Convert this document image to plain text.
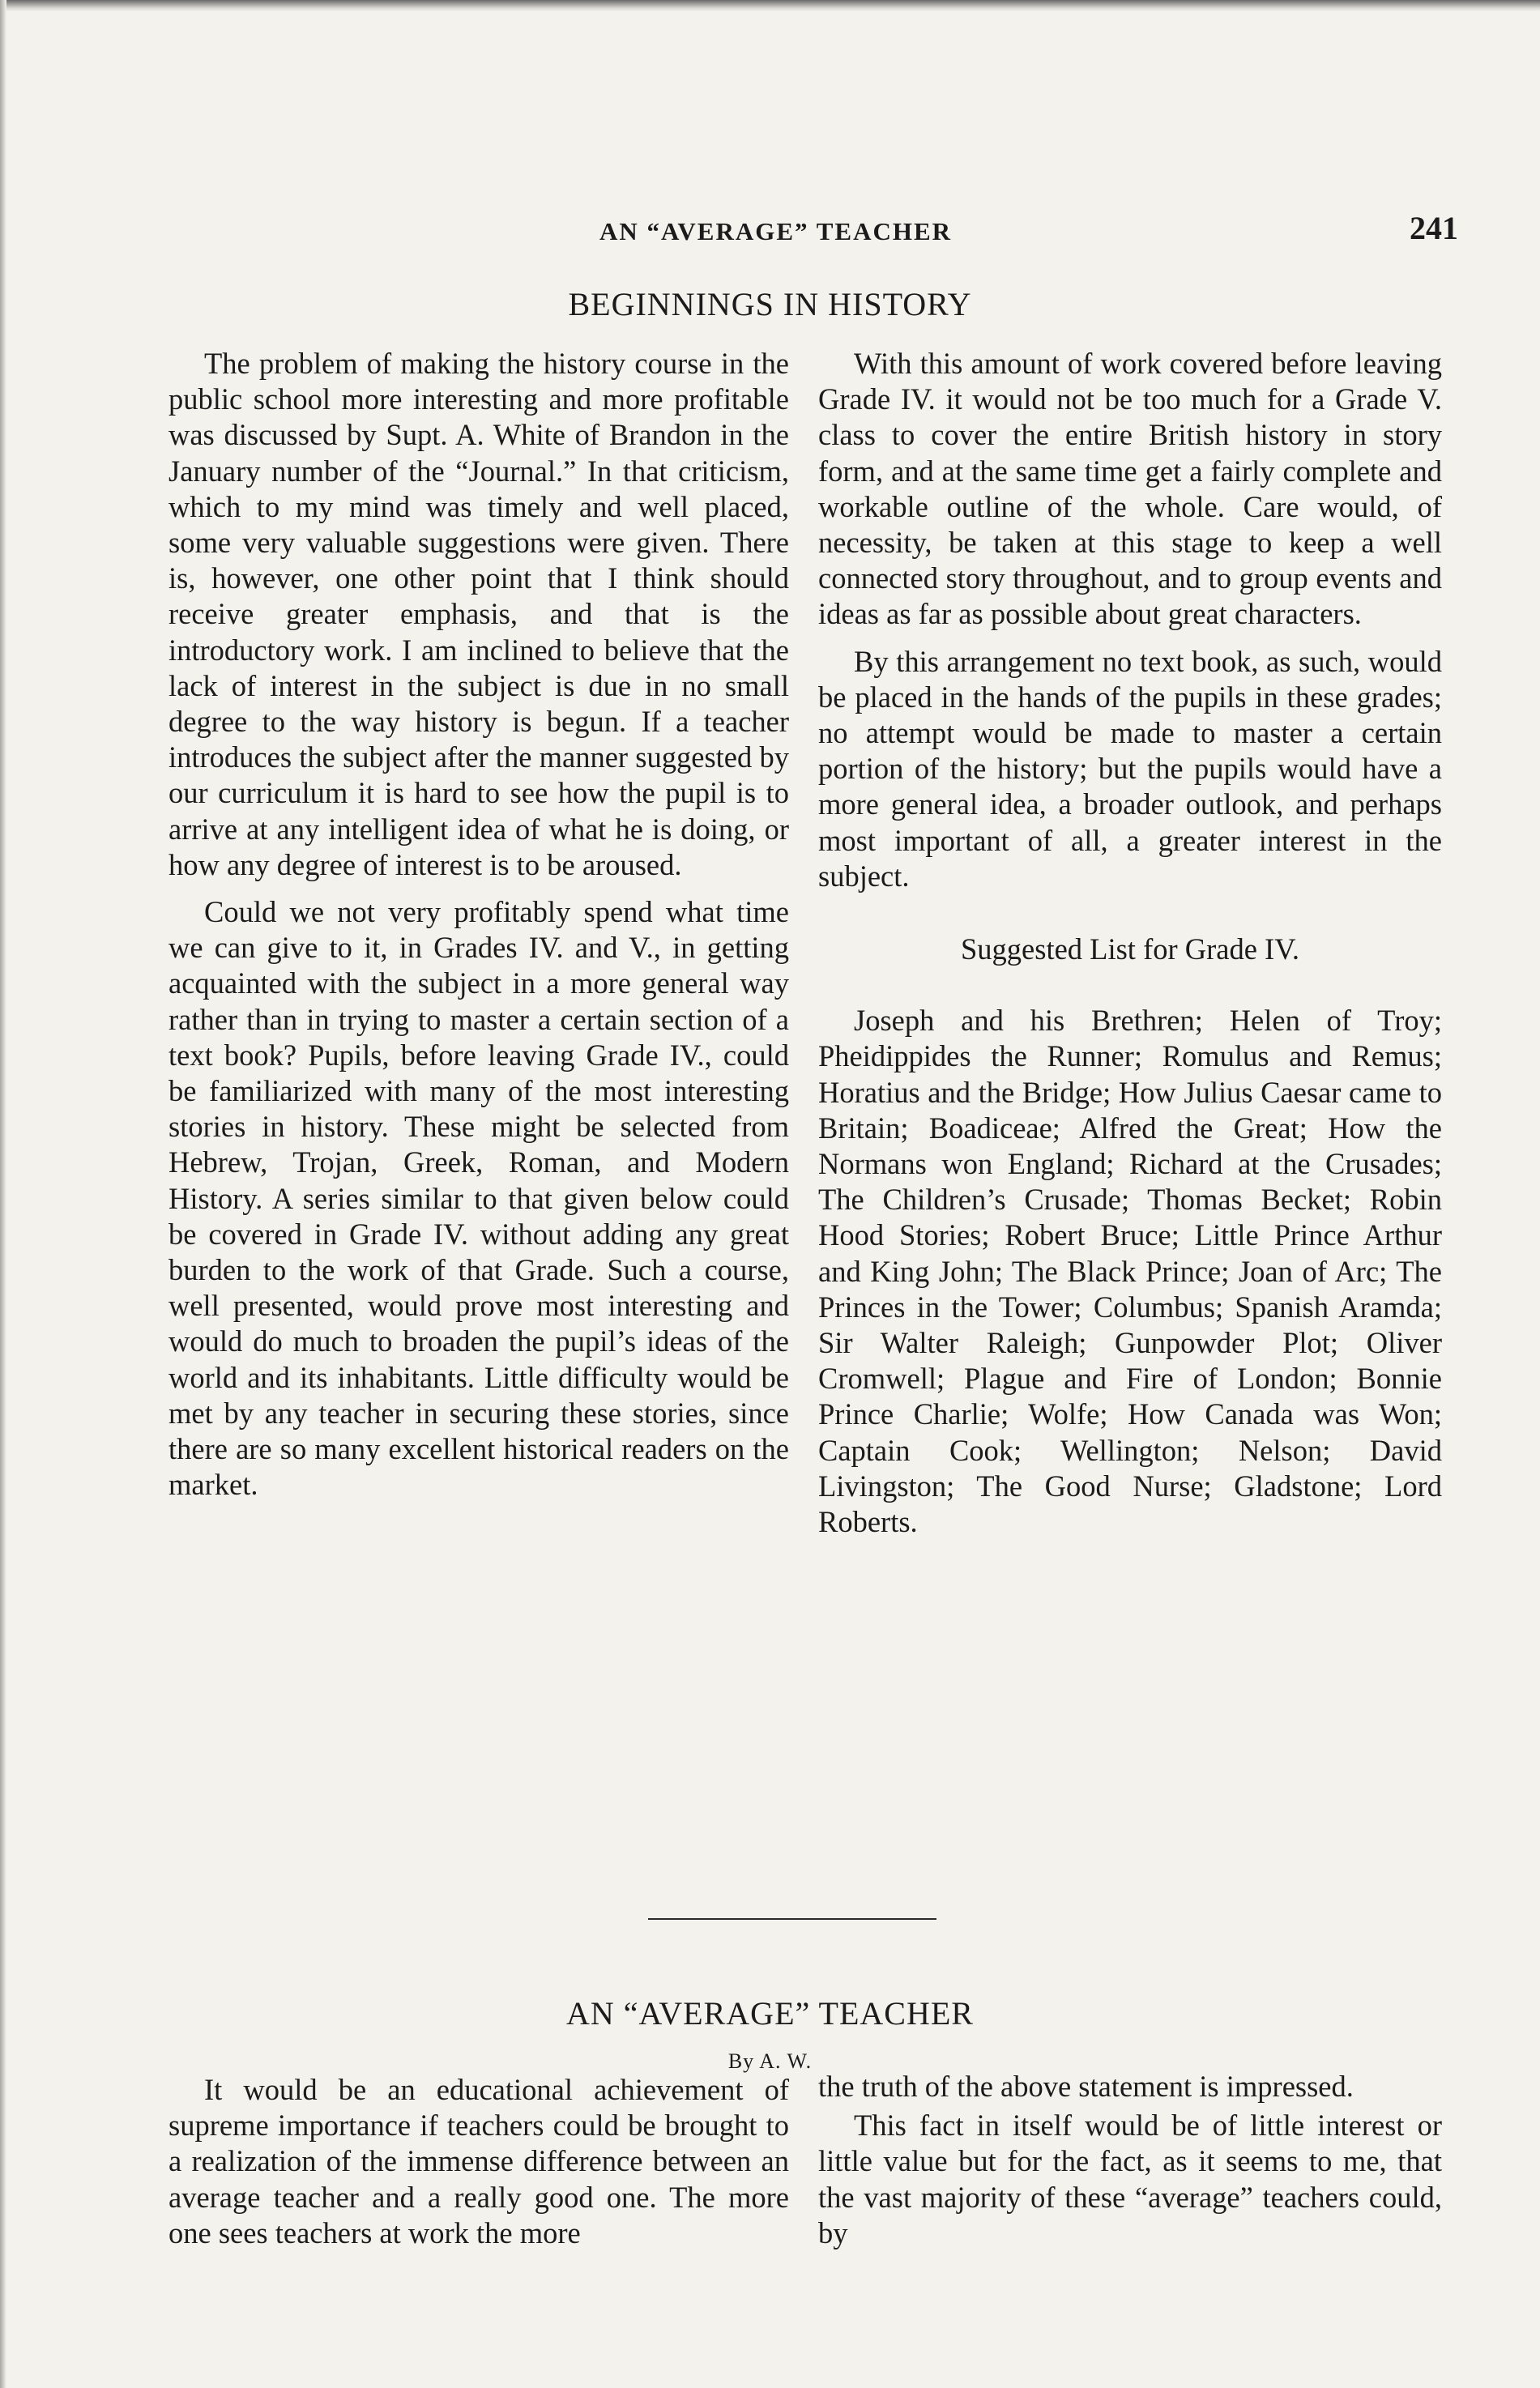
AN “AVERAGE” TEACHER	241
BEGINNINGS IN HISTORY

The problem of making the history course in the public school more interesting and more profitable was discussed by Supt. A. White of Brandon in the January number of the “Journal.” In that criticism, which to my mind was timely and well placed, some very valuable suggestions were given. There is, however, one other point that I think should receive greater emphasis, and that is the introductory work. I am inclined to believe that the lack of interest in the subject is due in no small degree to the way history is begun. If a teacher introduces the subject after the manner suggested by our curriculum it is hard to see how the pupil is to arrive at any intelligent idea of what he is doing, or how any degree of interest is to be aroused.

Could we not very profitably spend what time we can give to it, in Grades IV. and V., in getting acquainted with the subject in a more general way rather than in trying to master a certain section of a text book? Pupils, before leaving Grade IV., could be familiarized with many of the most interesting stories in history. These might be selected from Hebrew, Trojan, Greek, Roman, and Modern History. A series similar to that given below could be covered in Grade IV. without adding any great burden to the work of that Grade. Such a course, well presented, would prove most interesting and would do much to broaden the pupil’s ideas of the world and its inhabitants. Little difficulty would be met by any teacher in securing these stories, since there are so many excellent historical readers on the market.

With this amount of work covered before leaving Grade IV. it would not be too much for a Grade V. class to cover the entire British history in story form, and at the same time get a fairly complete and workable outline of the whole. Care would, of necessity, be taken at this stage to keep a well connected story throughout, and to group events and ideas as far as possible about great characters.

By this arrangement no text book, as such, would be placed in the hands of the pupils in these grades; no attempt would be made to master a certain portion of the history; but the pupils would have a more general idea, a broader outlook, and perhaps most important of all, a greater interest in the subject.

Suggested List for Grade IV.

Joseph and his Brethren; Helen of Troy; Pheidippides the Runner; Romulus and Remus; Horatius and the Bridge; How Julius Caesar came to Britain; Boadiceae; Alfred the Great; How the Normans won England; Richard at the Crusades; The Children’s Crusade; Thomas Becket; Robin Hood Stories; Robert Bruce; Little Prince Arthur and King John; The Black Prince; Joan of Arc; The Princes in the Tower; Columbus; Spanish Aramda; Sir Walter Raleigh; Gunpowder Plot; Oliver Cromwell; Plague and Fire of London; Bonnie Prince Charlie; Wolfe; How Canada was Won; Captain Cook; Wellington; Nelson; David Livingston; The Good Nurse; Gladstone; Lord Roberts.

AN “AVERAGE” TEACHER
By A. W.

It would be an educational achievement of supreme importance if teachers could be brought to a realization of the immense difference between an average teacher and a really good one. The more one sees teachers at work the more

the truth of the above statement is impressed.

This fact in itself would be of little interest or little value but for the fact, as it seems to me, that the vast majority of these “average” teachers could, by
